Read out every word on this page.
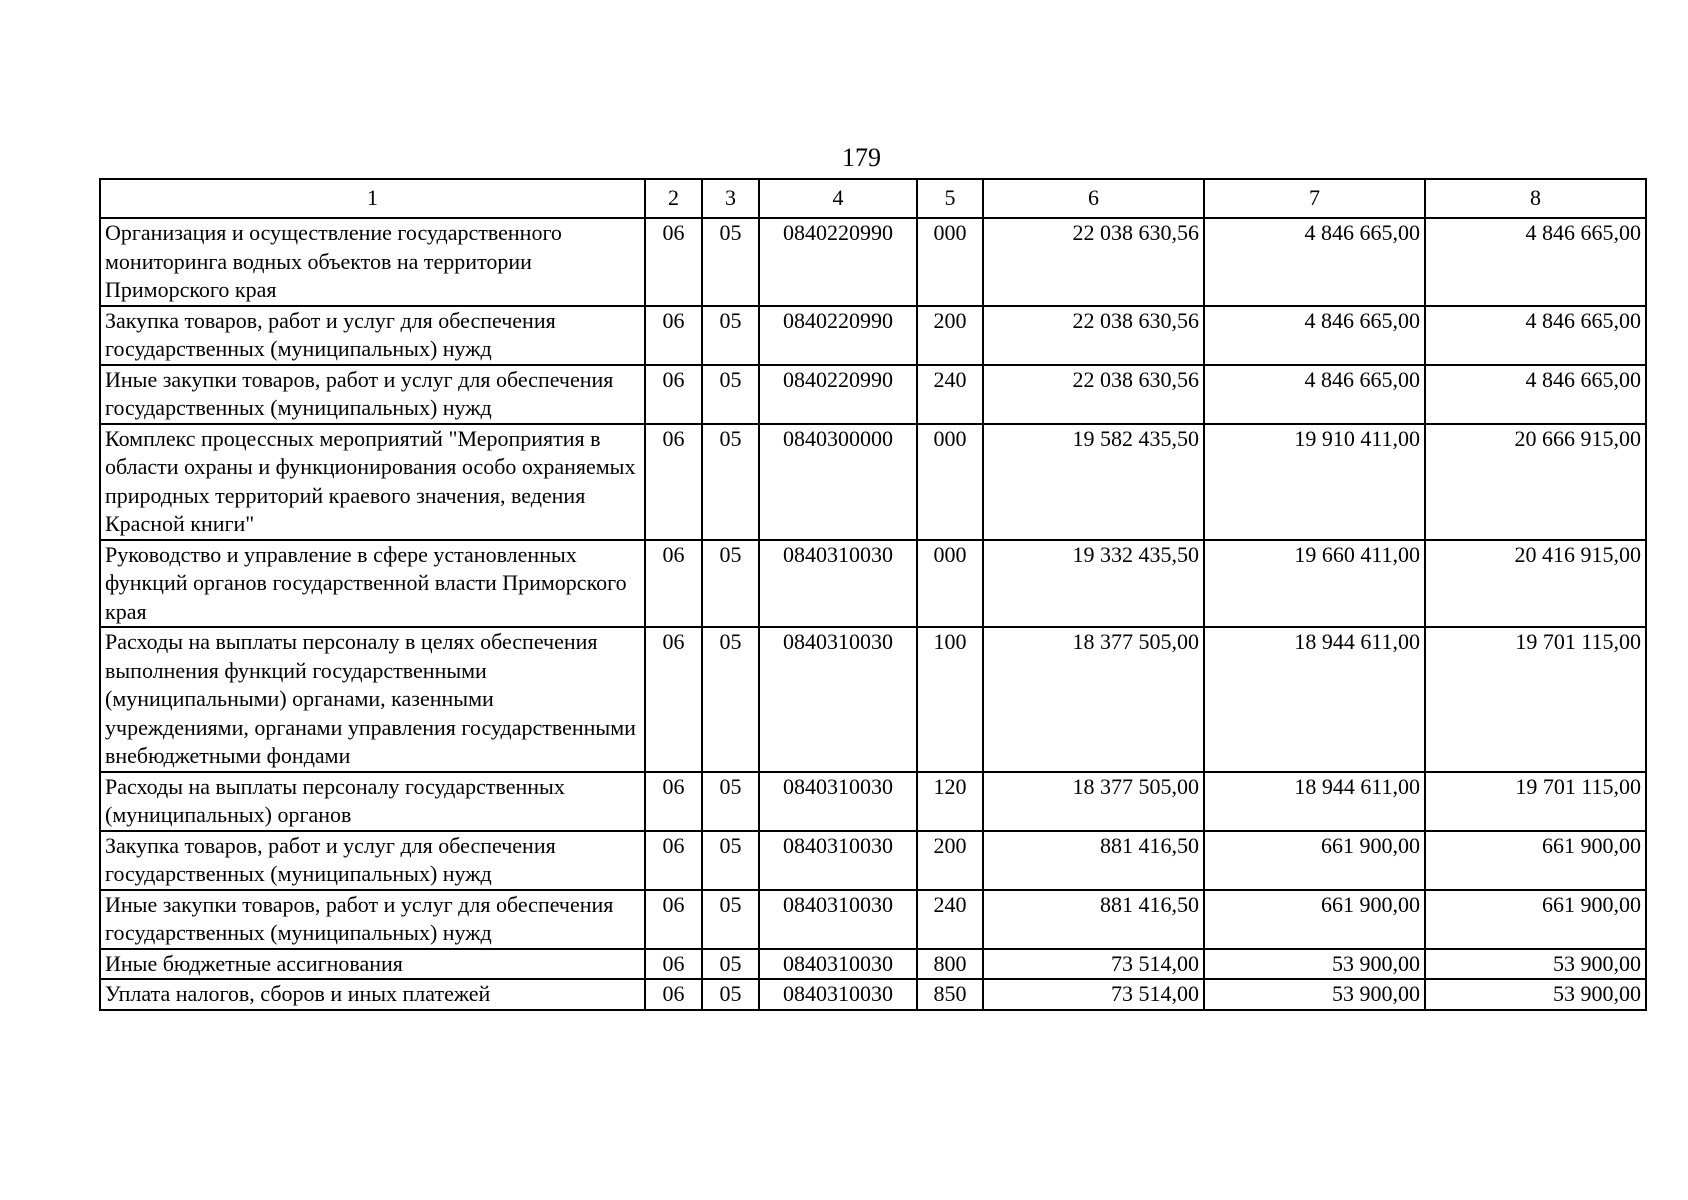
179
1	2	3	4	5	6	7	8
Организация и осуществление государственного мониторинга водных объектов на территории Приморского края	06	05	0840220990	000	22 038 630,56	4 846 665,00	4 846 665,00
Закупка товаров, работ и услуг для обеспечения государственных (муниципальных) нужд	06	05	0840220990	200	22 038 630,56	4 846 665,00	4 846 665,00
Иные закупки товаров, работ и услуг для обеспечения государственных (муниципальных) нужд	06	05	0840220990	240	22 038 630,56	4 846 665,00	4 846 665,00
Комплекс процессных мероприятий "Мероприятия в области охраны и функционирования особо охраняемых природных территорий краевого значения, ведения Красной книги"	06	05	0840300000	000	19 582 435,50	19 910 411,00	20 666 915,00
Руководство и управление в сфере установленных функций органов государственной власти Приморского края	06	05	0840310030	000	19 332 435,50	19 660 411,00	20 416 915,00
Расходы на выплаты персоналу в целях обеспечения выполнения функций государственными (муниципальными) органами, казенными учреждениями, органами управления государственными внебюджетными фондами	06	05	0840310030	100	18 377 505,00	18 944 611,00	19 701 115,00
Расходы на выплаты персоналу государственных (муниципальных) органов	06	05	0840310030	120	18 377 505,00	18 944 611,00	19 701 115,00
Закупка товаров, работ и услуг для обеспечения государственных (муниципальных) нужд	06	05	0840310030	200	881 416,50	661 900,00	661 900,00
Иные закупки товаров, работ и услуг для обеспечения государственных (муниципальных) нужд	06	05	0840310030	240	881 416,50	661 900,00	661 900,00
Иные бюджетные ассигнования	06	05	0840310030	800	73 514,00	53 900,00	53 900,00
Уплата налогов, сборов и иных платежей	06	05	0840310030	850	73 514,00	53 900,00	53 900,00
